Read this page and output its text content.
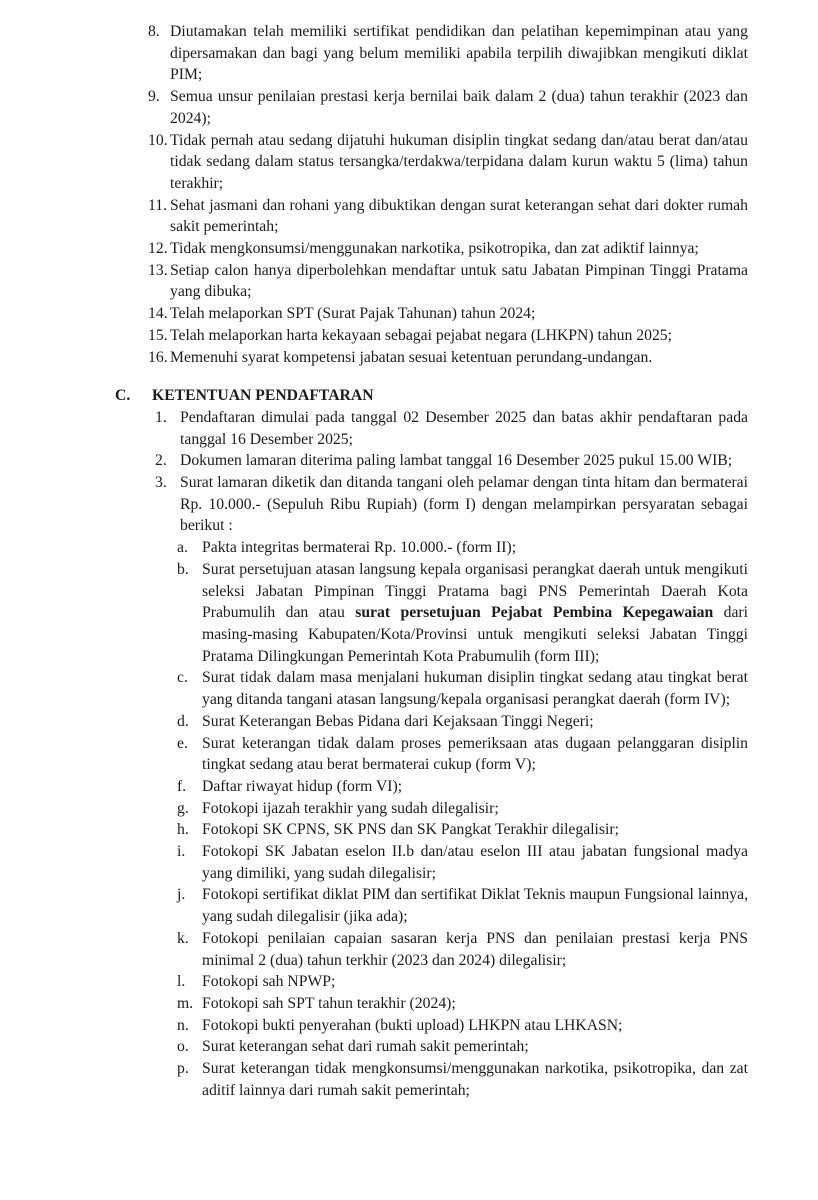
8. Diutamakan telah memiliki sertifikat pendidikan dan pelatihan kepemimpinan atau yang dipersamakan dan bagi yang belum memiliki apabila terpilih diwajibkan mengikuti diklat PIM;
9. Semua unsur penilaian prestasi kerja bernilai baik dalam 2 (dua) tahun terakhir (2023 dan 2024);
10. Tidak pernah atau sedang dijatuhi hukuman disiplin tingkat sedang dan/atau berat dan/atau tidak sedang dalam status tersangka/terdakwa/terpidana dalam kurun waktu 5 (lima) tahun terakhir;
11. Sehat jasmani dan rohani yang dibuktikan dengan surat keterangan sehat dari dokter rumah sakit pemerintah;
12. Tidak mengkonsumsi/menggunakan narkotika, psikotropika, dan zat adiktif lainnya;
13. Setiap calon hanya diperbolehkan mendaftar untuk satu Jabatan Pimpinan Tinggi Pratama yang dibuka;
14. Telah melaporkan SPT (Surat Pajak Tahunan) tahun 2024;
15. Telah melaporkan harta kekayaan sebagai pejabat negara (LHKPN) tahun 2025;
16. Memenuhi syarat kompetensi jabatan sesuai ketentuan perundang-undangan.
C. KETENTUAN PENDAFTARAN
1. Pendaftaran dimulai pada tanggal 02 Desember 2025 dan batas akhir pendaftaran pada tanggal 16 Desember 2025;
2. Dokumen lamaran diterima paling lambat tanggal 16 Desember 2025 pukul 15.00 WIB;
3. Surat lamaran diketik dan ditanda tangani oleh pelamar dengan tinta hitam dan bermaterai Rp. 10.000.- (Sepuluh Ribu Rupiah) (form I) dengan melampirkan persyaratan sebagai berikut :
a. Pakta integritas bermaterai Rp. 10.000.- (form II);
b. Surat persetujuan atasan langsung kepala organisasi perangkat daerah untuk mengikuti seleksi Jabatan Pimpinan Tinggi Pratama bagi PNS Pemerintah Daerah Kota Prabumulih dan atau surat persetujuan Pejabat Pembina Kepegawaian dari masing-masing Kabupaten/Kota/Provinsi untuk mengikuti seleksi Jabatan Tinggi Pratama Dilingkungan Pemerintah Kota Prabumulih (form III);
c. Surat tidak dalam masa menjalani hukuman disiplin tingkat sedang atau tingkat berat yang ditanda tangani atasan langsung/kepala organisasi perangkat daerah (form IV);
d. Surat Keterangan Bebas Pidana dari Kejaksaan Tinggi Negeri;
e. Surat keterangan tidak dalam proses pemeriksaan atas dugaan pelanggaran disiplin tingkat sedang atau berat bermaterai cukup (form V);
f. Daftar riwayat hidup (form VI);
g. Fotokopi ijazah terakhir yang sudah dilegalisir;
h. Fotokopi SK CPNS, SK PNS dan SK Pangkat Terakhir dilegalisir;
i. Fotokopi SK Jabatan eselon II.b dan/atau eselon III atau jabatan fungsional madya yang dimiliki, yang sudah dilegalisir;
j. Fotokopi sertifikat diklat PIM dan sertifikat Diklat Teknis maupun Fungsional lainnya, yang sudah dilegalisir (jika ada);
k. Fotokopi penilaian capaian sasaran kerja PNS dan penilaian prestasi kerja PNS minimal 2 (dua) tahun terkhir (2023 dan 2024) dilegalisir;
l. Fotokopi sah NPWP;
m. Fotokopi sah SPT tahun terakhir (2024);
n. Fotokopi bukti penyerahan (bukti upload) LHKPN atau LHKASN;
o. Surat keterangan sehat dari rumah sakit pemerintah;
p. Surat keterangan tidak mengkonsumsi/menggunakan narkotika, psikotropika, dan zat aditif lainnya dari rumah sakit pemerintah;
